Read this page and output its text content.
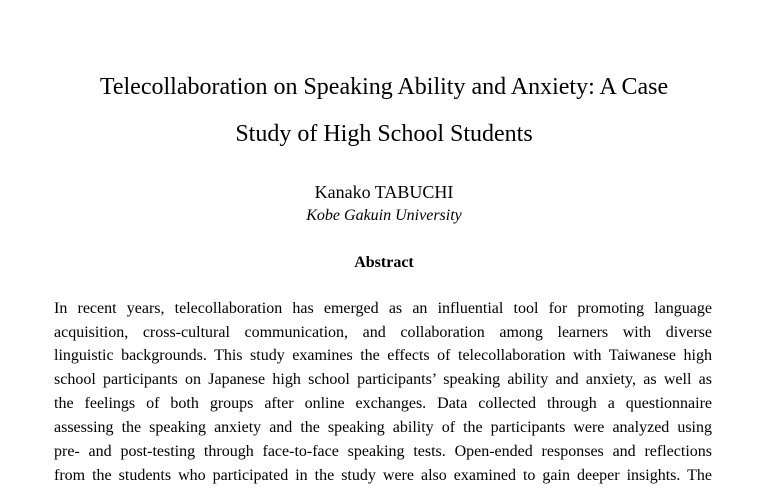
Telecollaboration on Speaking Ability and Anxiety: A Case
Study of High School Students
Kanako TABUCHI
Kobe Gakuin University
Abstract
In recent years, telecollaboration has emerged as an influential tool for promoting language
acquisition, cross-cultural communication, and collaboration among learners with diverse
linguistic backgrounds. This study examines the effects of telecollaboration with Taiwanese high
school participants on Japanese high school participants’ speaking ability and anxiety, as well as
the feelings of both groups after online exchanges. Data collected through a questionnaire
assessing the speaking anxiety and the speaking ability of the participants were analyzed using
pre- and post-testing through face-to-face speaking tests. Open-ended responses and reflections
from the students who participated in the study were also examined to gain deeper insights. The
